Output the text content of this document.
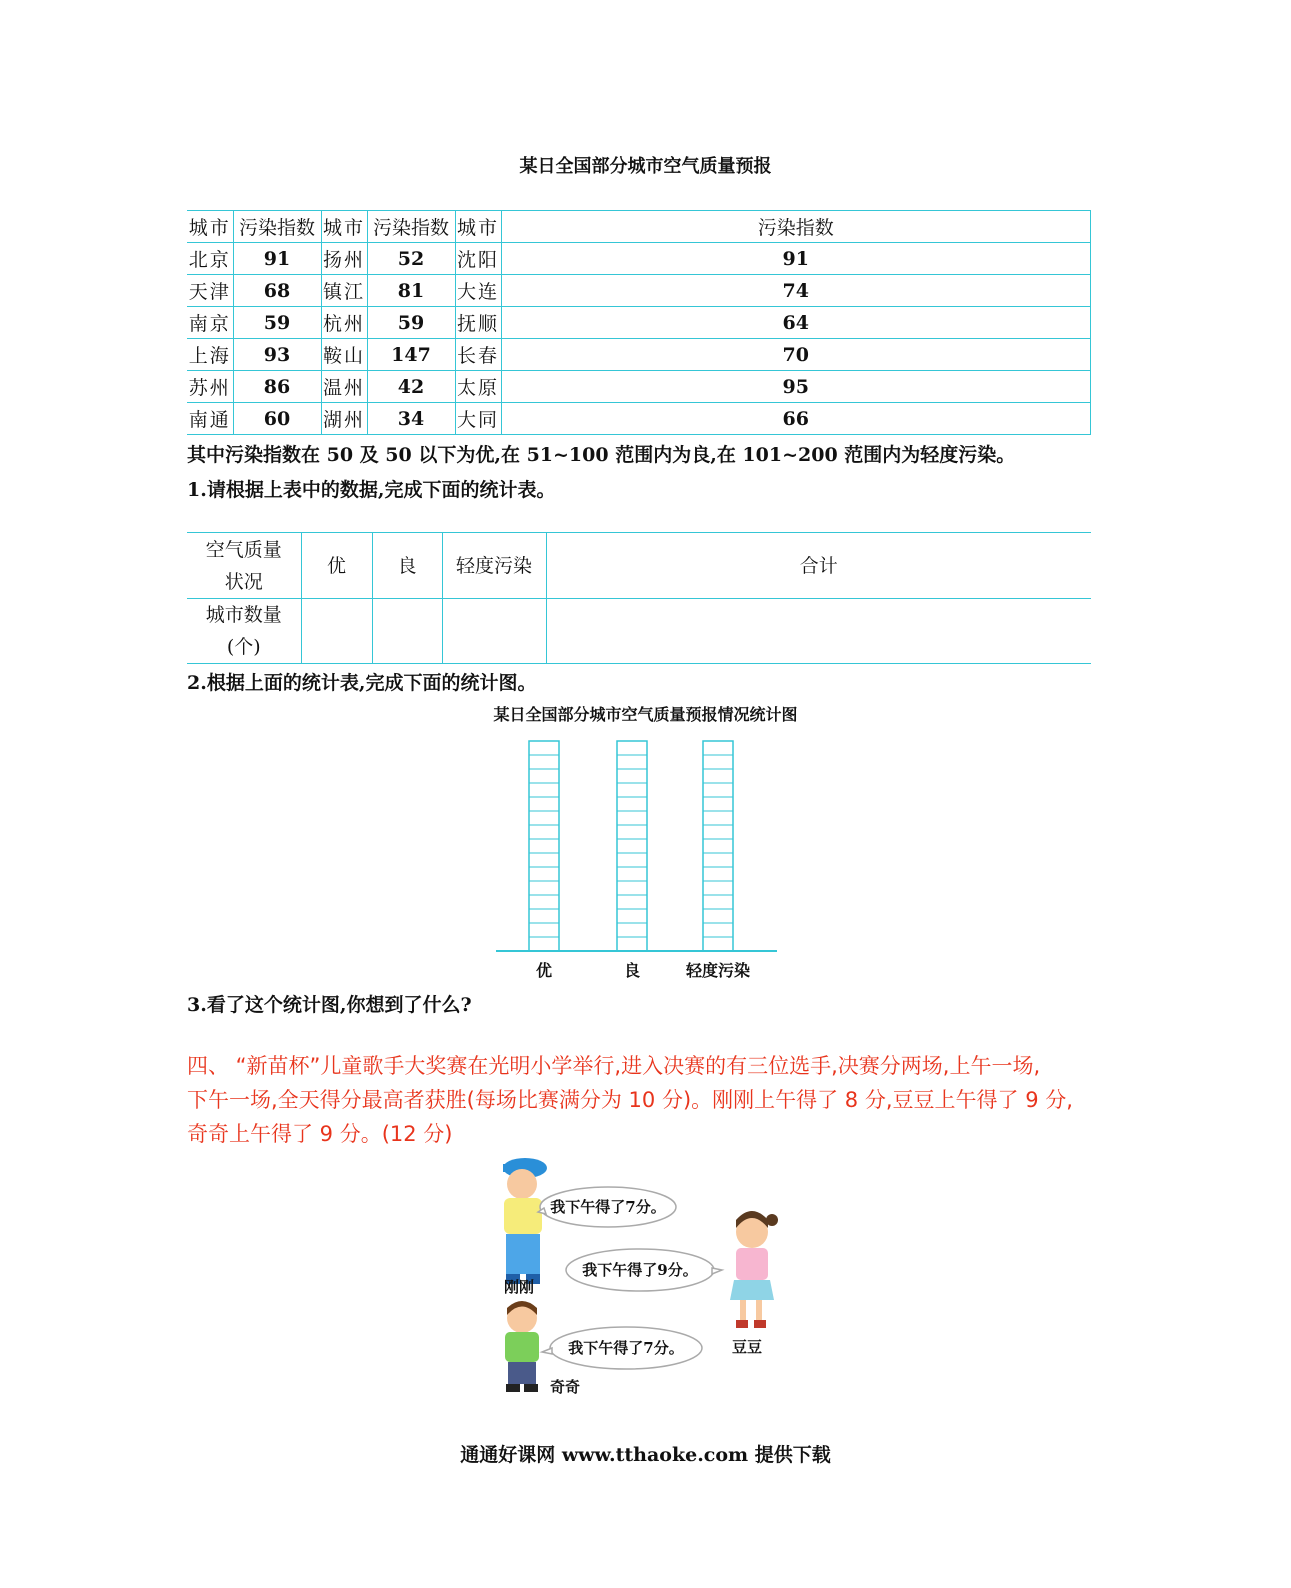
某日全国部分城市空气质量预报
城市	污染指数	城市	污染指数	城市	污染指数
北京	91	扬州	52	沈阳	91
天津	68	镇江	81	大连	74
南京	59	杭州	59	抚顺	64
上海	93	鞍山	147	长春	70
苏州	86	温州	42	太原	95
南通	60	湖州	34	大同	66
其中污染指数在 50 及 50 以下为优,在 51~100 范围内为良,在 101~200 范围内为轻度污染。
1.请根据上表中的数据,完成下面的统计表。
空气质量
状况	优	良	轻度污染	合计

城市数量
(个)				

2.根据上面的统计表,完成下面的统计图。
某日全国部分城市空气质量预报情况统计图
优	良	轻度污染
3.看了这个统计图,你想到了什么?
四、 “新苗杯”儿童歌手大奖赛在光明小学举行,进入决赛的有三位选手,决赛分两场,上午一场,
下午一场,全天得分最高者获胜(每场比赛满分为 10 分)。刚刚上午得了 8 分,豆豆上午得了 9 分,
奇奇上午得了 9 分。(12 分)
刚刚
豆豆
奇奇
我下午得了7分。
我下午得了9分。
我下午得了7分。
通通好课网 www.tthaoke.com 提供下载
